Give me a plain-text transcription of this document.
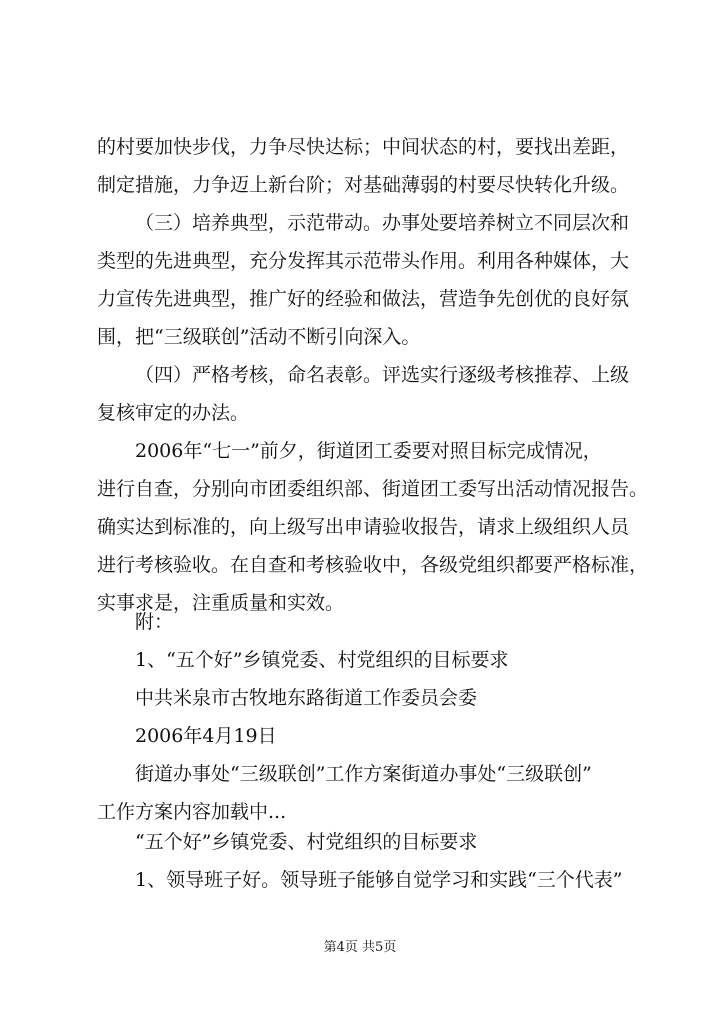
的村要加快步伐，力争尽快达标；中间状态的村，要找出差距，
制定措施，力争迈上新台阶；对基础薄弱的村要尽快转化升级。
（三）培养典型，示范带动。办事处要培养树立不同层次和
类型的先进典型，充分发挥其示范带头作用。利用各种媒体，大
力宣传先进典型，推广好的经验和做法，营造争先创优的良好氛
围，把“三级联创”活动不断引向深入。
（四）严格考核，命名表彰。评选实行逐级考核推荐、上级
复核审定的办法。
2006年“七一”前夕，街道团工委要对照目标完成情况，
进行自查，分别向市团委组织部、街道团工委写出活动情况报告。
确实达到标准的，向上级写出申请验收报告，请求上级组织人员
进行考核验收。在自查和考核验收中，各级党组织都要严格标准，
实事求是，注重质量和实效。
附：
1、“五个好”乡镇党委、村党组织的目标要求
中共米泉市古牧地东路街道工作委员会委
2006年4月19日
街道办事处“三级联创”工作方案街道办事处“三级联创”
工作方案内容加载中...
“五个好”乡镇党委、村党组织的目标要求
1、领导班子好。领导班子能够自觉学习和实践“三个代表”
第4页 共5页
